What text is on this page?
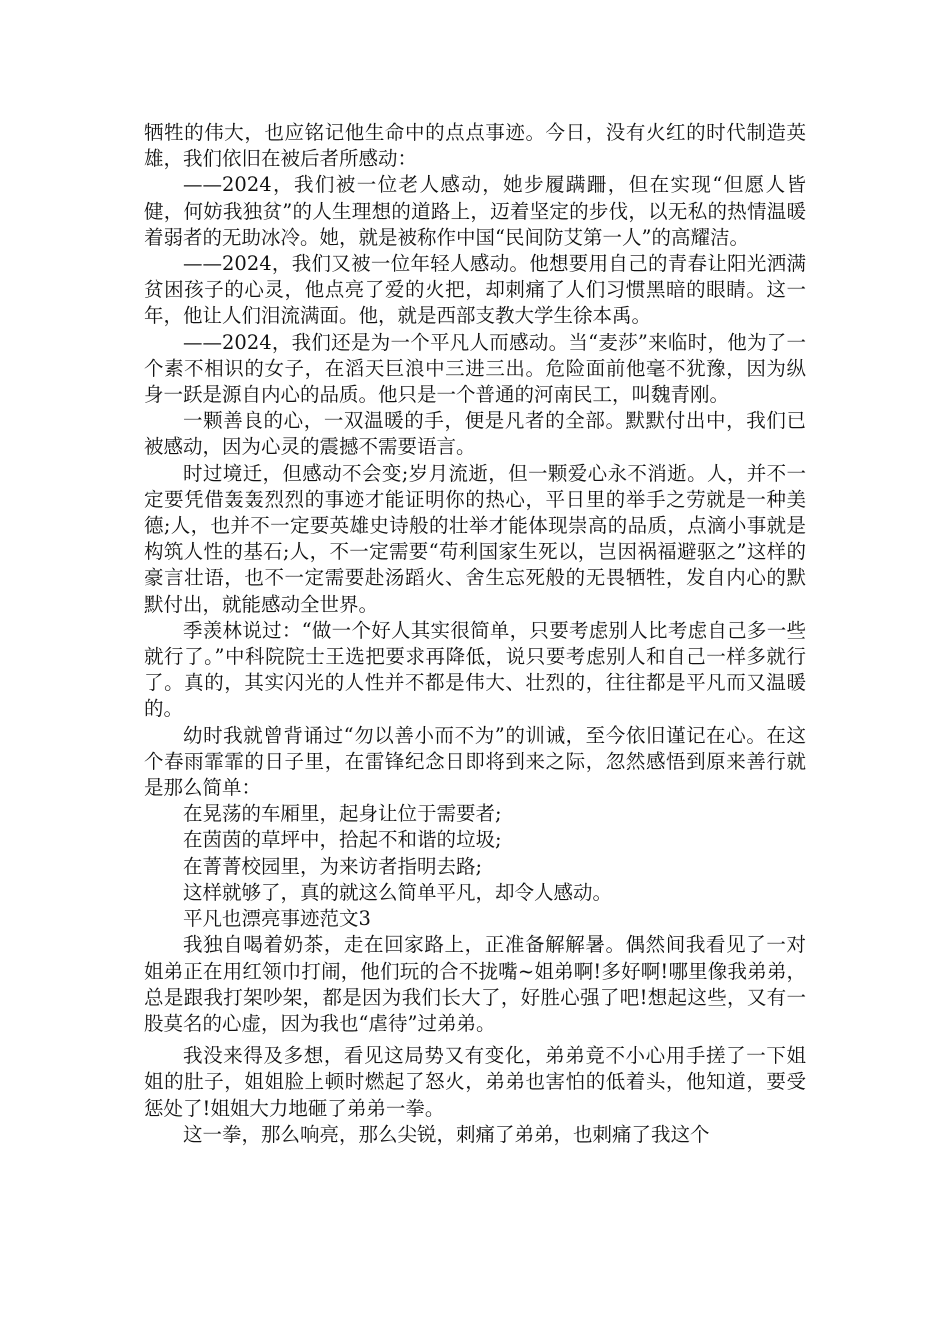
牺牲的伟大，也应铭记他生命中的点点事迹。今日，没有火红的时代制造英雄，我们依旧在被后者所感动：

——2024，我们被一位老人感动，她步履蹒跚，但在实现“但愿人皆健，何妨我独贫”的人生理想的道路上，迈着坚定的步伐，以无私的热情温暖着弱者的无助冰冷。她，就是被称作中国“民间防艾第一人”的高耀洁。

——2024，我们又被一位年轻人感动。他想要用自己的青春让阳光洒满贫困孩子的心灵，他点亮了爱的火把，却刺痛了人们习惯黑暗的眼睛。这一年，他让人们泪流满面。他，就是西部支教大学生徐本禹。

——2024，我们还是为一个平凡人而感动。当“麦莎”来临时，他为了一个素不相识的女子，在滔天巨浪中三进三出。危险面前他毫不犹豫，因为纵身一跃是源自内心的品质。他只是一个普通的河南民工，叫魏青刚。

一颗善良的心，一双温暖的手，便是凡者的全部。默默付出中，我们已被感动，因为心灵的震撼不需要语言。

时过境迁，但感动不会变;岁月流逝，但一颗爱心永不消逝。人，并不一定要凭借轰轰烈烈的事迹才能证明你的热心，平日里的举手之劳就是一种美德;人，也并不一定要英雄史诗般的壮举才能体现崇高的品质，点滴小事就是构筑人性的基石;人，不一定需要“苟利国家生死以，岂因祸福避驱之”这样的豪言壮语，也不一定需要赴汤蹈火、舍生忘死般的无畏牺牲，发自内心的默默付出，就能感动全世界。

季羡林说过：“做一个好人其实很简单，只要考虑别人比考虑自己多一些就行了。”中科院院士王选把要求再降低，说只要考虑别人和自己一样多就行了。真的，其实闪光的人性并不都是伟大、壮烈的，往往都是平凡而又温暖的。

幼时我就曾背诵过“勿以善小而不为”的训诫，至今依旧谨记在心。在这个春雨霏霏的日子里，在雷锋纪念日即将到来之际，忽然感悟到原来善行就是那么简单：

在晃荡的车厢里，起身让位于需要者;

在茵茵的草坪中，拾起不和谐的垃圾;

在菁菁校园里，为来访者指明去路;

这样就够了，真的就这么简单平凡，却令人感动。

平凡也漂亮事迹范文3

我独自喝着奶茶，走在回家路上，正准备解解暑。偶然间我看见了一对姐弟正在用红领巾打闹，他们玩的合不拢嘴~姐弟啊!多好啊!哪里像我弟弟，总是跟我打架吵架，都是因为我们长大了，好胜心强了吧!想起这些，又有一股莫名的心虚，因为我也“虐待”过弟弟。

我没来得及多想，看见这局势又有变化，弟弟竟不小心用手搓了一下姐姐的肚子，姐姐脸上顿时燃起了怒火，弟弟也害怕的低着头，他知道，要受惩处了!姐姐大力地砸了弟弟一拳。

这一拳，那么响亮，那么尖锐，刺痛了弟弟，也刺痛了我这个
